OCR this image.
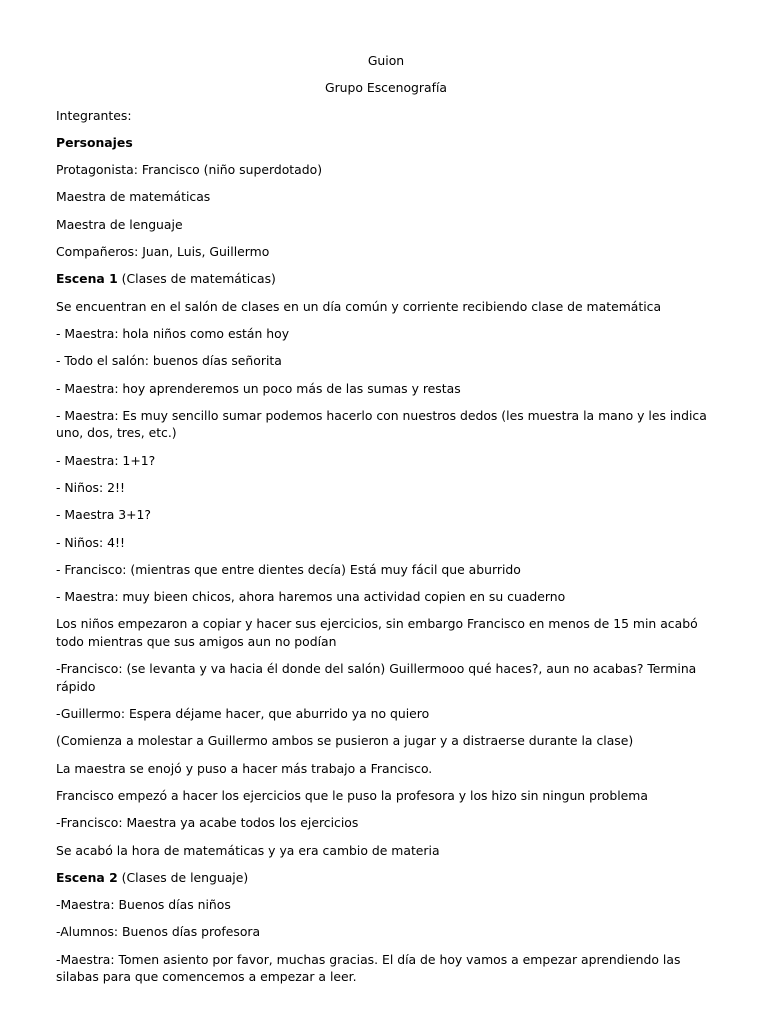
Guion

Grupo Escenografía

Integrantes:

Personajes

Protagonista: Francisco (niño superdotado)

Maestra de matemáticas

Maestra de lenguaje

Compañeros: Juan, Luis, Guillermo

Escena 1 (Clases de matemáticas)

Se encuentran en el salón de clases en un día común y corriente recibiendo clase de matemática

- Maestra: hola niños como están hoy

- Todo el salón: buenos días señorita

- Maestra: hoy aprenderemos un poco más de las sumas y restas

- Maestra: Es muy sencillo sumar podemos hacerlo con nuestros dedos (les muestra la mano y les indica uno, dos, tres, etc.)

- Maestra: 1+1?

- Niños: 2!!

- Maestra 3+1?

- Niños: 4!!

- Francisco: (mientras que entre dientes decía) Está muy fácil que aburrido

- Maestra: muy bieen chicos, ahora haremos una actividad copien en su cuaderno

Los niños empezaron a copiar y hacer sus ejercicios, sin embargo Francisco en menos de 15 min acabó todo mientras que sus amigos aun no podían

-Francisco: (se levanta y va hacia él donde del salón) Guillermooo qué haces?, aun no acabas? Termina rápido

-Guillermo: Espera déjame hacer, que aburrido ya no quiero

(Comienza a molestar a Guillermo ambos se pusieron a jugar y a distraerse durante la clase)

La maestra se enojó y puso a hacer más trabajo a Francisco.

Francisco empezó a hacer los ejercicios que le puso la profesora y los hizo sin ningun problema

-Francisco: Maestra ya acabe todos los ejercicios

Se acabó la hora de matemáticas y ya era cambio de materia

Escena 2 (Clases de lenguaje)

-Maestra: Buenos días niños

-Alumnos: Buenos días profesora

-Maestra: Tomen asiento por favor, muchas gracias. El día de hoy vamos a empezar aprendiendo las silabas para que comencemos a empezar a leer.
